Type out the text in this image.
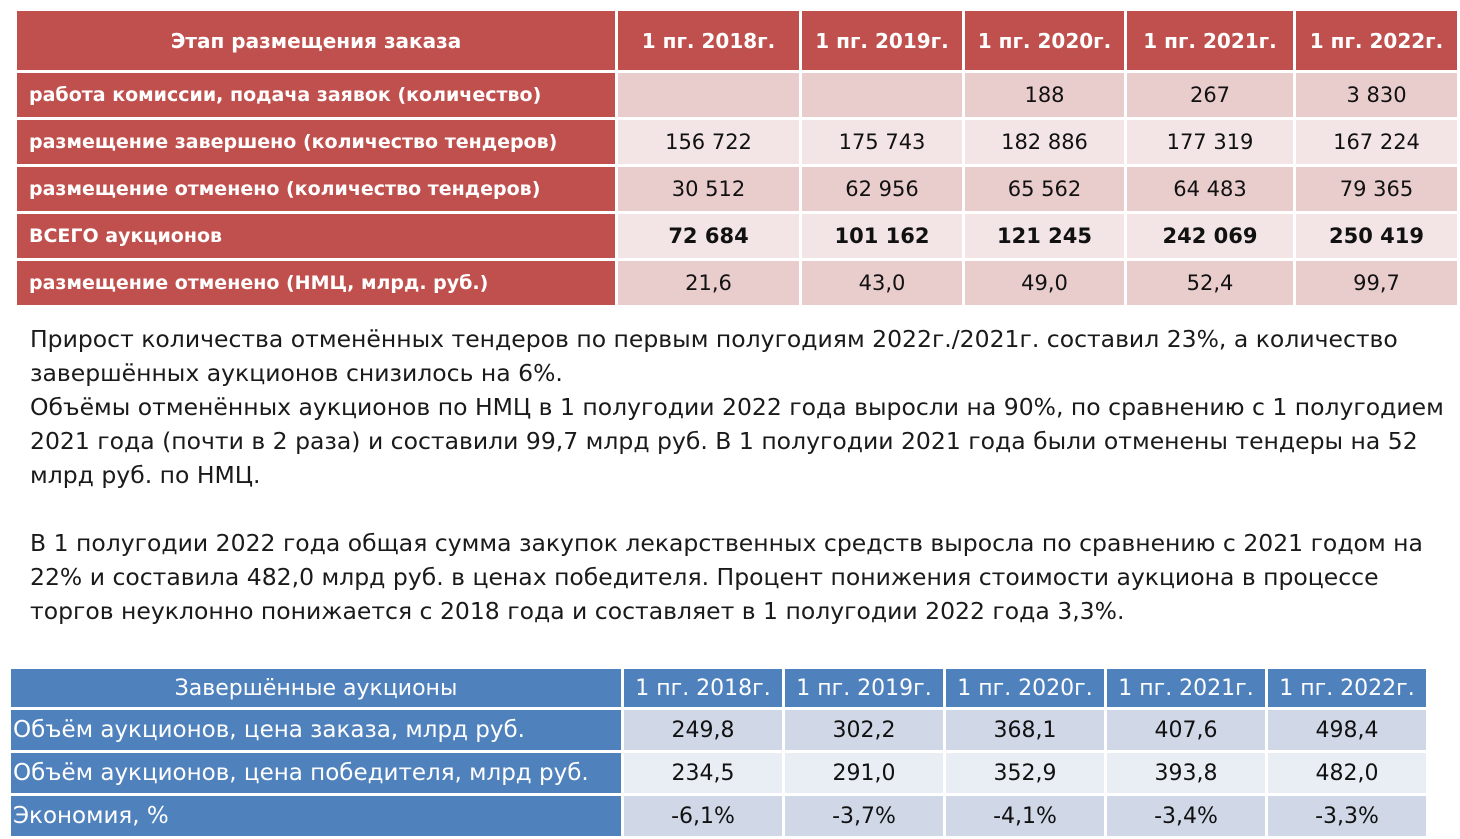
Этап размещения заказа	1 пг. 2018г.	1 пг. 2019г.	1 пг. 2020г.	1 пг. 2021г.	1 пг. 2022г.
работа комиссии, подача заявок (количество)			188	267	3 830
размещение завершено (количество тендеров)	156 722	175 743	182 886	177 319	167 224
размещение отменено (количество тендеров)	30 512	62 956	65 562	64 483	79 365
ВСЕГО аукционов	72 684	101 162	121 245	242 069	250 419
размещение отменено (НМЦ, млрд. руб.)	21,6	43,0	49,0	52,4	99,7

Прирост количества отменённых тендеров по первым полугодиям 2022г./2021г. составил 23%, а количество завершённых аукционов снизилось на 6%.

Объёмы отменённых аукционов по НМЦ в 1 полугодии 2022 года выросли на 90%, по сравнению с 1 полугодием 2021 года (почти в 2 раза) и составили 99,7 млрд руб. В 1 полугодии 2021 года были отменены тендеры на 52 млрд руб. по НМЦ.

В 1 полугодии 2022 года общая сумма закупок лекарственных средств выросла по сравнению с 2021 годом на 22% и составила 482,0 млрд руб. в ценах победителя. Процент понижения стоимости аукциона в процессе торгов неуклонно понижается с 2018 года и составляет в 1 полугодии 2022 года 3,3%.

Завершённые аукционы	1 пг. 2018г.	1 пг. 2019г.	1 пг. 2020г.	1 пг. 2021г.	1 пг. 2022г.
Объём аукционов, цена заказа, млрд руб.	249,8	302,2	368,1	407,6	498,4
Объём аукционов, цена победителя, млрд руб.	234,5	291,0	352,9	393,8	482,0
Экономия, %	-6,1%	-3,7%	-4,1%	-3,4%	-3,3%
